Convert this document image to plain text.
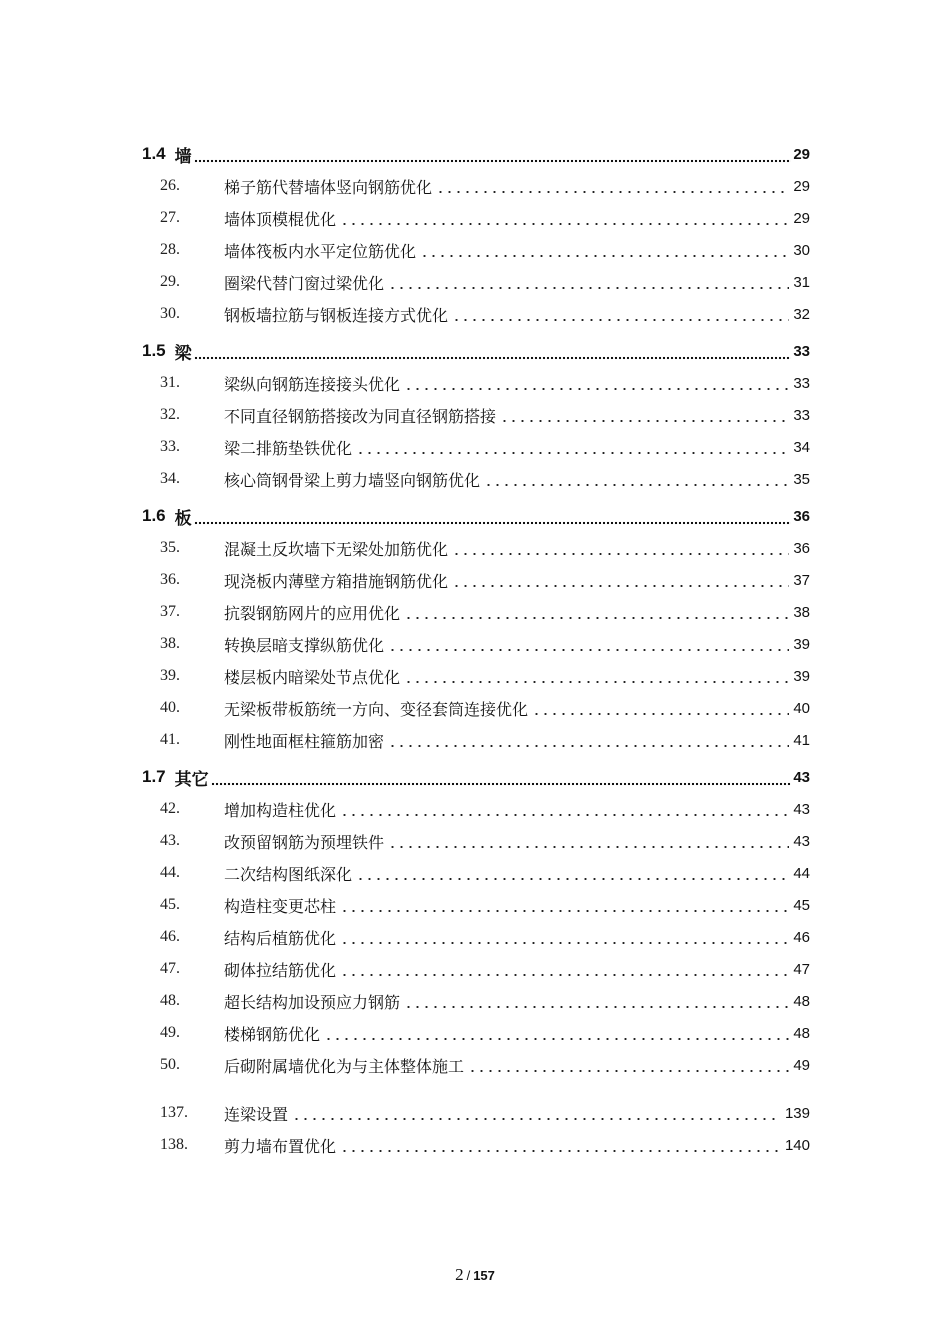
1.4 墙	29
26.	梯子筋代替墙体竖向钢筋优化	29
27.	墙体顶模棍优化	29
28.	墙体筏板内水平定位筋优化	30
29.	圈梁代替门窗过梁优化	31
30.	钢板墙拉筋与钢板连接方式优化	32
1.5 梁	33
31.	梁纵向钢筋连接接头优化	33
32.	不同直径钢筋搭接改为同直径钢筋搭接	33
33.	梁二排筋垫铁优化	34
34.	核心筒钢骨梁上剪力墙竖向钢筋优化	35
1.6 板	36
35.	混凝土反坎墙下无梁处加筋优化	36
36.	现浇板内薄壁方箱措施钢筋优化	37
37.	抗裂钢筋网片的应用优化	38
38.	转换层暗支撑纵筋优化	39
39.	楼层板内暗梁处节点优化	39
40.	无梁板带板筋统一方向、变径套筒连接优化	40
41.	刚性地面框柱箍筋加密	41
1.7 其它	43
42.	增加构造柱优化	43
43.	改预留钢筋为预埋铁件	43
44.	二次结构图纸深化	44
45.	构造柱变更芯柱	45
46.	结构后植筋优化	46
47.	砌体拉结筋优化	47
48.	超长结构加设预应力钢筋	48
49.	楼梯钢筋优化	48
50.	后砌附属墙优化为与主体整体施工	49
137.	连梁设置	139
138.	剪力墙布置优化	140
2 / 157
